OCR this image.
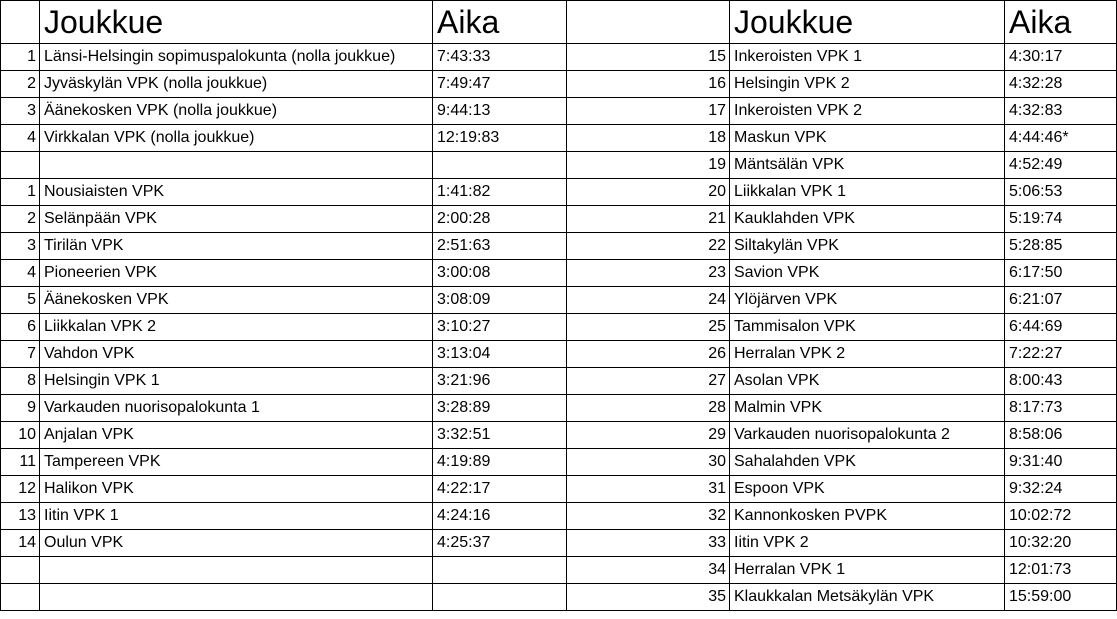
	Joukkue	Aika		Joukkue	Aika
1	Länsi-Helsingin sopimuspalokunta (nolla joukkue)	7:43:33	15	Inkeroisten VPK 1	4:30:17
2	Jyväskylän VPK (nolla joukkue)	7:49:47	16	Helsingin VPK 2	4:32:28
3	Äänekosken VPK (nolla joukkue)	9:44:13	17	Inkeroisten VPK 2	4:32:83
4	Virkkalan VPK (nolla joukkue)	12:19:83	18	Maskun VPK	4:44:46*
			19	Mäntsälän VPK	4:52:49
1	Nousiaisten VPK	1:41:82	20	Liikkalan VPK 1	5:06:53
2	Selänpään VPK	2:00:28	21	Kauklahden VPK	5:19:74
3	Tirilän VPK	2:51:63	22	Siltakylän VPK	5:28:85
4	Pioneerien VPK	3:00:08	23	Savion VPK	6:17:50
5	Äänekosken VPK	3:08:09	24	Ylöjärven VPK	6:21:07
6	Liikkalan VPK 2	3:10:27	25	Tammisalon VPK	6:44:69
7	Vahdon VPK	3:13:04	26	Herralan VPK 2	7:22:27
8	Helsingin VPK 1	3:21:96	27	Asolan VPK	8:00:43
9	Varkauden nuorisopalokunta 1	3:28:89	28	Malmin VPK	8:17:73
10	Anjalan VPK	3:32:51	29	Varkauden nuorisopalokunta 2	8:58:06
11	Tampereen VPK	4:19:89	30	Sahalahden VPK	9:31:40
12	Halikon VPK	4:22:17	31	Espoon VPK	9:32:24
13	Iitin VPK 1	4:24:16	32	Kannonkosken PVPK	10:02:72
14	Oulun VPK	4:25:37	33	Iitin VPK 2	10:32:20
			34	Herralan VPK 1	12:01:73
			35	Klaukkalan Metsäkylän VPK	15:59:00
